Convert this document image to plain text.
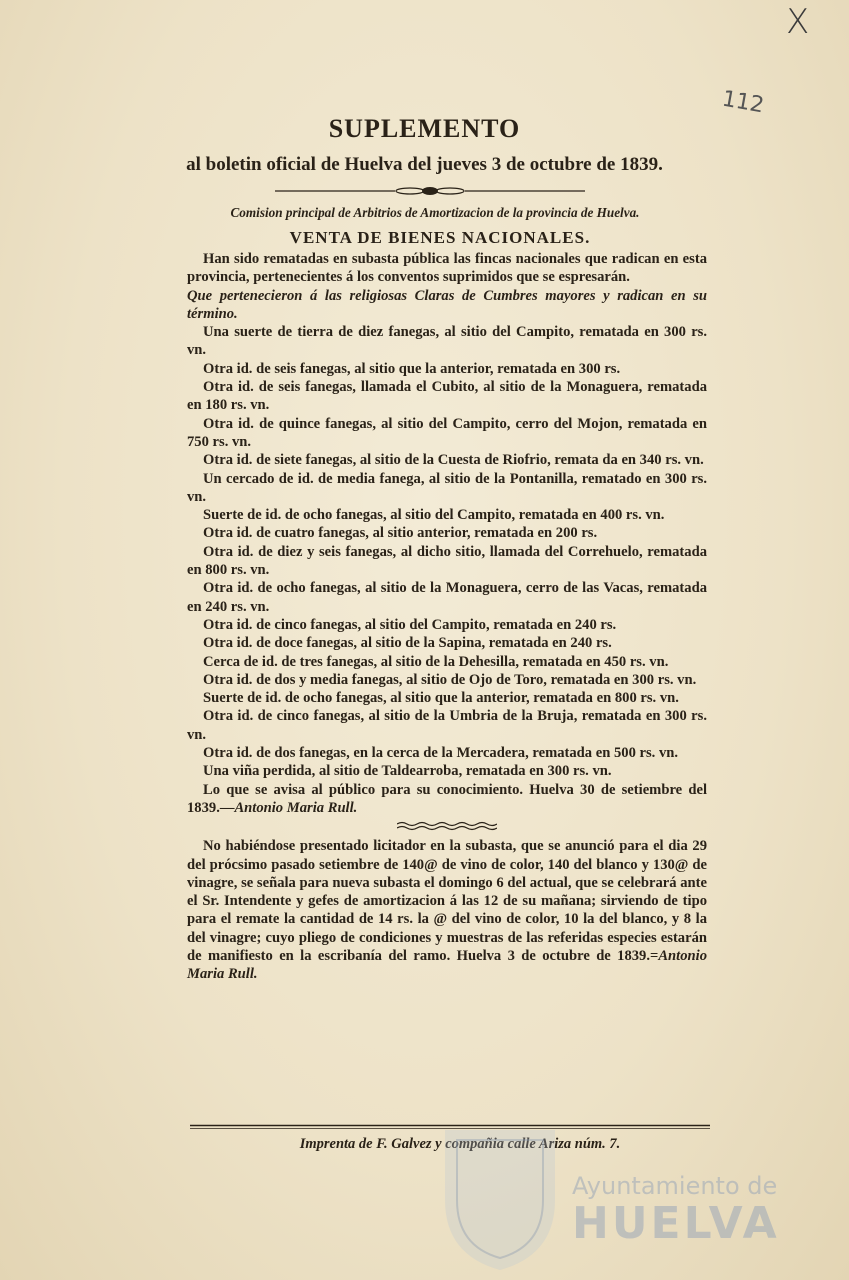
X
112
SUPLEMENTO
al boletin oficial de Huelva del jueves 3 de octubre de 1839.
Comision principal de Arbitrios de Amortizacion de la provincia de Huelva.
VENTA DE BIENES NACIONALES.

Han sido rematadas en subasta pública las fincas nacionales que radican en esta provincia, pertenecientes á los conventos suprimidos que se espresarán.

Que pertenecieron á las religiosas Claras de Cumbres mayores y radican en su término.

Una suerte de tierra de diez fanegas, al sitio del Campito, rematada en 300 rs. vn.

Otra id. de seis fanegas, al sitio que la anterior, rematada en 300 rs.

Otra id. de seis fanegas, llamada el Cubito, al sitio de la Monaguera, rematada en 180 rs. vn.

Otra id. de quince fanegas, al sitio del Campito, cerro del Mojon, rematada en 750 rs. vn.

Otra id. de siete fanegas, al sitio de la Cuesta de Riofrio, remata da en 340 rs. vn.

Un cercado de id. de media fanega, al sitio de la Pontanilla, rematado en 300 rs. vn.

Suerte de id. de ocho fanegas, al sitio del Campito, rematada en 400 rs. vn.

Otra id. de cuatro fanegas, al sitio anterior, rematada en 200 rs.

Otra id. de diez y seis fanegas, al dicho sitio, llamada del Correhuelo, rematada en 800 rs. vn.

Otra id. de ocho fanegas, al sitio de la Monaguera, cerro de las Vacas, rematada en 240 rs. vn.

Otra id. de cinco fanegas, al sitio del Campito, rematada en 240 rs.

Otra id. de doce fanegas, al sitio de la Sapina, rematada en 240 rs.

Cerca de id. de tres fanegas, al sitio de la Dehesilla, rematada en 450 rs. vn.

Otra id. de dos y media fanegas, al sitio de Ojo de Toro, rematada en 300 rs. vn.

Suerte de id. de ocho fanegas, al sitio que la anterior, rematada en 800 rs. vn.

Otra id. de cinco fanegas, al sitio de la Umbria de la Bruja, rematada en 300 rs. vn.

Otra id. de dos fanegas, en la cerca de la Mercadera, rematada en 500 rs. vn.

Una viña perdida, al sitio de Taldearroba, rematada en 300 rs. vn.

Lo que se avisa al público para su conocimiento. Huelva 30 de setiembre del 1839.—Antonio Maria Rull.

No habiéndose presentado licitador en la subasta, que se anunció para el dia 29 del prócsimo pasado setiembre de 140@ de vino de color, 140 del blanco y 130@ de vinagre, se señala para nueva subasta el domingo 6 del actual, que se celebrará ante el Sr. Intendente y gefes de amortizacion á las 12 de su mañana; sirviendo de tipo para el remate la cantidad de 14 rs. la @ del vino de color, 10 la del blanco, y 8 la del vinagre; cuyo pliego de condiciones y muestras de las referidas especies estarán de manifiesto en la escribanía del ramo. Huelva 3 de octubre de 1839.=Antonio Maria Rull.

Imprenta de F. Galvez y compañia calle Ariza núm. 7.
Ayuntamiento de
HUELVA
